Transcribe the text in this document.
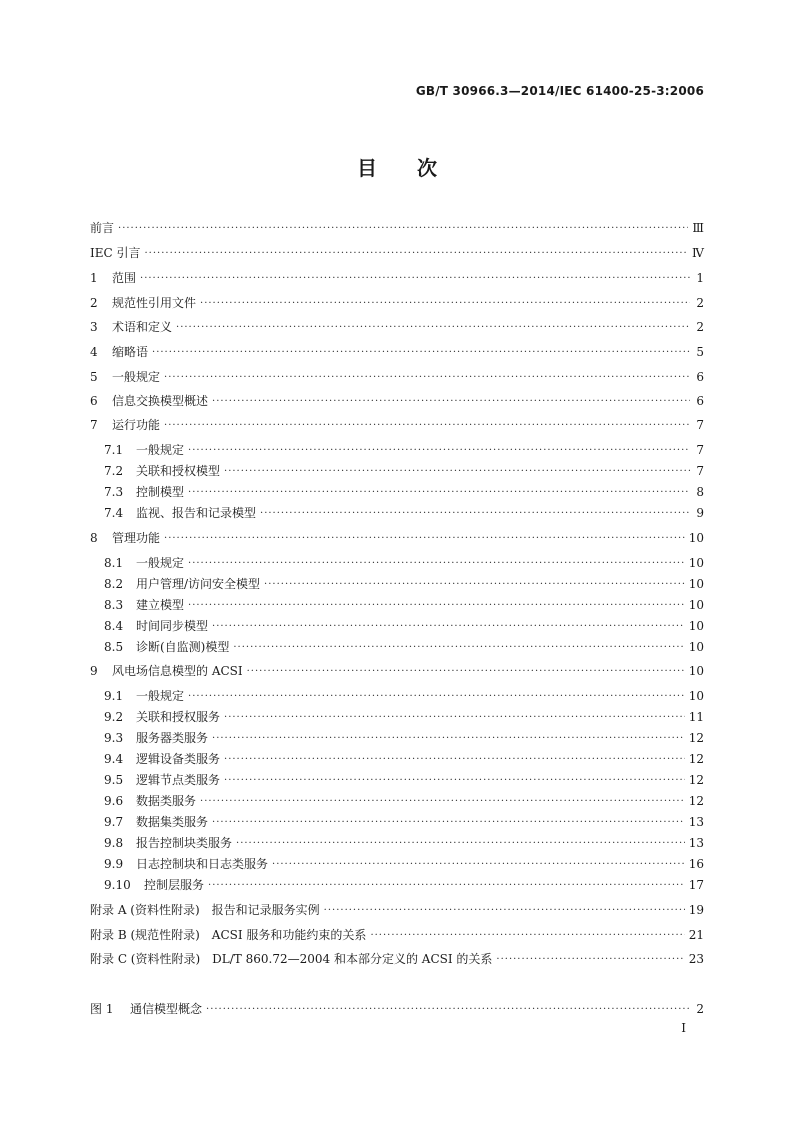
GB/T 30966.3—2014/IEC 61400-25-3:2006
目　　次
前言 ·····	Ⅲ
IEC 引言 ·····	Ⅳ
1	范围 ·····	1
2	规范性引用文件 ·····	2
3	术语和定义 ·····	2
4	缩略语 ·····	5
5	一般规定 ·····	6
6	信息交换模型概述 ·····	6
7	运行功能 ·····	7
7.1	一般规定 ·····	7
7.2	关联和授权模型 ·····	7
7.3	控制模型 ·····	8
7.4	监视、报告和记录模型 ·····	9
8	管理功能 ·····	10
8.1	一般规定 ·····	10
8.2	用户管理/访问安全模型 ·····	10
8.3	建立模型 ·····	10
8.4	时间同步模型 ·····	10
8.5	诊断(自监测)模型 ·····	10
9	风电场信息模型的 ACSI ·····	10
9.1	一般规定 ·····	10
9.2	关联和授权服务 ·····	11
9.3	服务器类服务 ·····	12
9.4	逻辑设备类服务 ·····	12
9.5	逻辑节点类服务 ·····	12
9.6	数据类服务 ·····	12
9.7	数据集类服务 ·····	13
9.8	报告控制块类服务 ·····	13
9.9	日志控制块和日志类服务 ·····	16
9.10	控制层服务 ·····	17
附录 A (资料性附录)　报告和记录服务实例 ·····	19
附录 B (规范性附录)　ACSI 服务和功能约束的关系 ·····	21
附录 C (资料性附录)　DL/T 860.72—2004 和本部分定义的 ACSI 的关系 ·····	23
图 1	通信模型概念 ·····	2
I
